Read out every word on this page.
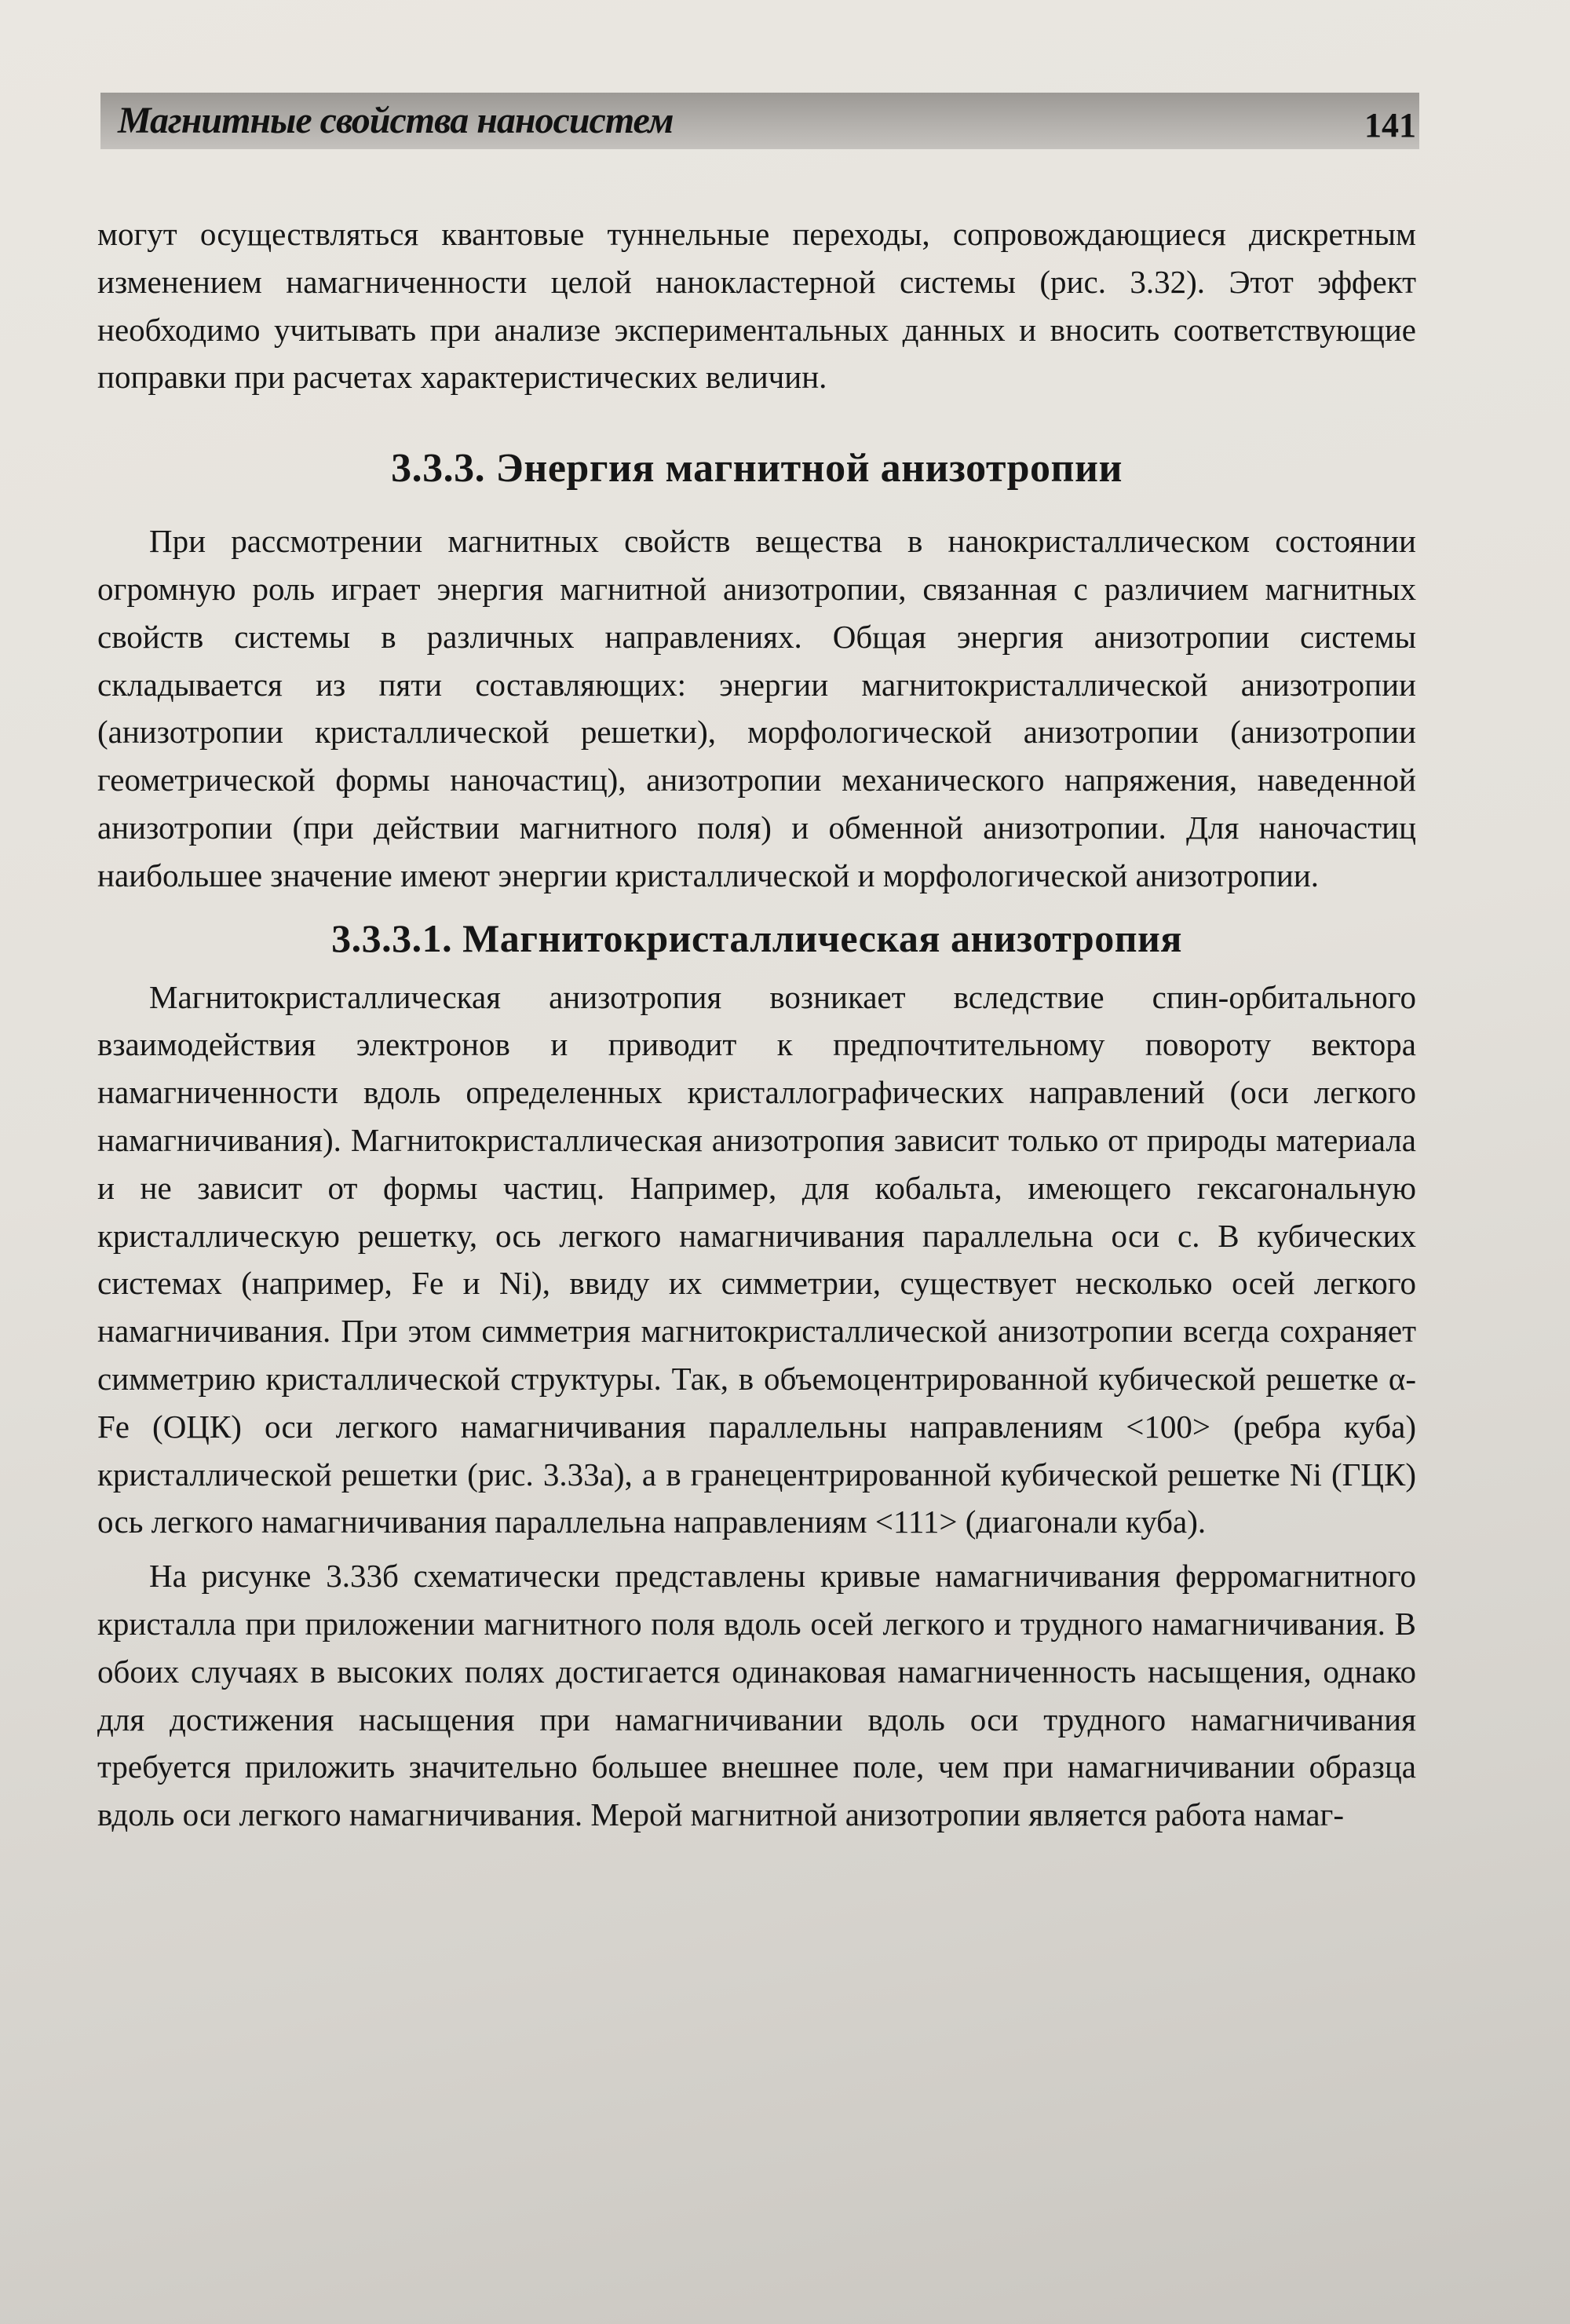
Магнитные свойства наносистем	141

могут осуществляться квантовые туннельные переходы, сопровождающиеся дискретным изменением намагниченности целой нанокластерной системы (рис. 3.32). Этот эффект необходимо учитывать при анализе экспериментальных данных и вносить соответствующие поправки при расчетах характеристических величин.

3.3.3. Энергия магнитной анизотропии

При рассмотрении магнитных свойств вещества в нанокристаллическом состоянии огромную роль играет энергия магнитной анизотропии, связанная с различием магнитных свойств системы в различных направлениях. Общая энергия анизотропии системы складывается из пяти составляющих: энергии магнитокристаллической анизотропии (анизотропии кристаллической решетки), морфологической анизотропии (анизотропии геометрической формы наночастиц), анизотропии механического напряжения, наведенной анизотропии (при действии магнитного поля) и обменной анизотропии. Для наночастиц наибольшее значение имеют энергии кристаллической и морфологической анизотропии.

3.3.3.1. Магнитокристаллическая анизотропия

Магнитокристаллическая анизотропия возникает вследствие спин-орбитального взаимодействия электронов и приводит к предпочтительному повороту вектора намагниченности вдоль определенных кристаллографических направлений (оси легкого намагничивания). Магнитокристаллическая анизотропия зависит только от природы материала и не зависит от формы частиц. Например, для кобальта, имеющего гексагональную кристаллическую решетку, ось легкого намагничивания параллельна оси c. В кубических системах (например, Fe и Ni), ввиду их симметрии, существует несколько осей легкого намагничивания. При этом симметрия магнитокристаллической анизотропии всегда сохраняет симметрию кристаллической структуры. Так, в объемоцентрированной кубической решетке α-Fe (ОЦК) оси легкого намагничивания параллельны направлениям <100> (ребра куба) кристаллической решетки (рис. 3.33а), а в гранецентрированной кубической решетке Ni (ГЦК) ось легкого намагничивания параллельна направлениям <111> (диагонали куба).

На рисунке 3.33б схематически представлены кривые намагничивания ферромагнитного кристалла при приложении магнитного поля вдоль осей легкого и трудного намагничивания. В обоих случаях в высоких полях достигается одинаковая намагниченность насыщения, однако для достижения насыщения при намагничивании вдоль оси трудного намагничивания требуется приложить значительно большее внешнее поле, чем при намагничивании образца вдоль оси легкого намагничивания. Мерой магнитной анизотропии является работа намаг-
